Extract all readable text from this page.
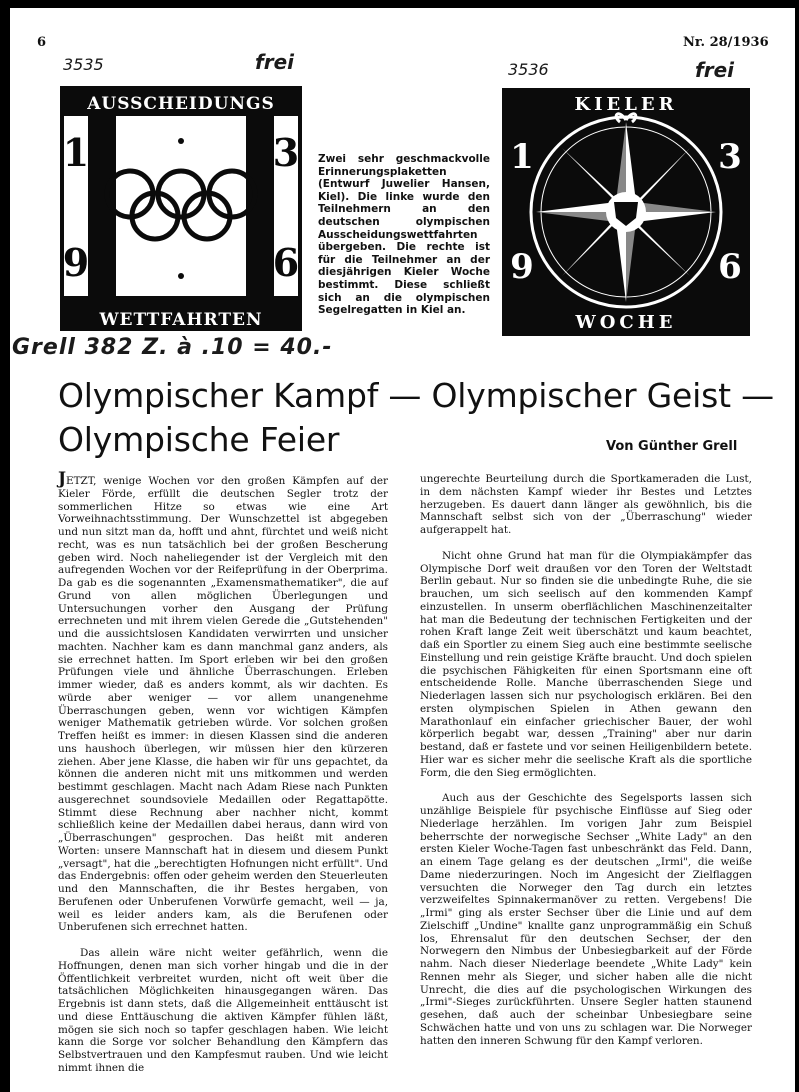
6	Nr. 28/1936
3535	frei	3536	frei
Grell 382 Z. à .10 = 40.-
AUSSCHEIDUNGS
WETTFAHRTEN
1	3
9	6

Zwei sehr geschmackvolle Erinnerungsplaketten (Entwurf Juwelier Hansen, Kiel). Die linke wurde den Teilnehmern an den deutschen olympischen Ausscheidungswettfahrten übergeben. Die rechte ist für die Teilnehmer an der diesjährigen Kieler Woche bestimmt. Diese schließt sich an die olympischen Segelregatten in Kiel an.

KIELER
WOCHE
1	3
9	6
Olympischer Kampf — Olympischer Geist —
Olympische Feier	Von Günther Grell

JETZT, wenige Wochen vor den großen Kämpfen auf der Kieler Förde, erfüllt die deutschen Segler trotz der sommerlichen Hitze so etwas wie eine Art Vorweihnachtsstimmung. Der Wunschzettel ist abgegeben und nun sitzt man da, hofft und ahnt, fürchtet und weiß nicht recht, was es nun tatsächlich bei der großen Bescherung geben wird. Noch naheliegender ist der Vergleich mit den aufregenden Wochen vor der Reifeprüfung in der Oberprima. Da gab es die sogenannten „Examensmathematiker", die auf Grund von allen möglichen Überlegungen und Untersuchungen vorher den Ausgang der Prüfung errechneten und mit ihrem vielen Gerede die „Gutstehenden" und die aussichtslosen Kandidaten verwirrten und unsicher machten. Nachher kam es dann manchmal ganz anders, als sie errechnet hatten. Im Sport erleben wir bei den großen Prüfungen viele und ähnliche Überraschungen. Erleben immer wieder, daß es anders kommt, als wir dachten. Es würde aber weniger — vor allem unangenehme Überraschungen geben, wenn vor wichtigen Kämpfen weniger Mathematik getrieben würde. Vor solchen großen Treffen heißt es immer: in diesen Klassen sind die anderen uns haushoch überlegen, wir müssen hier den kürzeren ziehen. Aber jene Klasse, die haben wir für uns gepachtet, da können die anderen nicht mit uns mitkommen und werden bestimmt geschlagen. Macht nach Adam Riese nach Punkten ausgerechnet soundsoviele Medaillen oder Regattapötte. Stimmt diese Rechnung aber nachher nicht, kommt schließlich keine der Medaillen dabei heraus, dann wird von „Überraschungen" gesprochen. Das heißt mit anderen Worten: unsere Mannschaft hat in diesem und diesem Punkt „versagt", hat die „berechtigten Hofnungen nicht erfüllt". Und das Endergebnis: offen oder geheim werden den Steuerleuten und den Mannschaften, die ihr Bestes hergaben, von Berufenen oder Unberufenen Vorwürfe gemacht, weil — ja, weil es leider anders kam, als die Berufenen oder Unberufenen sich errechnet hatten.

Das allein wäre nicht weiter gefährlich, wenn die Hoffnungen, denen man sich vorher hingab und die in der Öffentlichkeit verbreitet wurden, nicht oft weit über die tatsächlichen Möglichkeiten hinausgegangen wären. Das Ergebnis ist dann stets, daß die Allgemeinheit enttäuscht ist und diese Enttäuschung die aktiven Kämpfer fühlen läßt, mögen sie sich noch so tapfer geschlagen haben. Wie leicht kann die Sorge vor solcher Behandlung den Kämpfern das Selbstvertrauen und den Kampfesmut rauben. Und wie leicht nimmt ihnen die

ungerechte Beurteilung durch die Sportkameraden die Lust, in dem nächsten Kampf wieder ihr Bestes und Letztes herzugeben. Es dauert dann länger als gewöhnlich, bis die Mannschaft selbst sich von der „Überraschung" wieder aufgerappelt hat.

Nicht ohne Grund hat man für die Olympiakämpfer das Olympische Dorf weit draußen vor den Toren der Weltstadt Berlin gebaut. Nur so finden sie die unbedingte Ruhe, die sie brauchen, um sich seelisch auf den kommenden Kampf einzustellen. In unserm oberflächlichen Maschinenzeitalter hat man die Bedeutung der technischen Fertigkeiten und der rohen Kraft lange Zeit weit überschätzt und kaum beachtet, daß ein Sportler zu einem Sieg auch eine bestimmte seelische Einstellung und rein geistige Kräfte braucht. Und doch spielen die psychischen Fähigkeiten für einen Sportsmann eine oft entscheidende Rolle. Manche überraschenden Siege und Niederlagen lassen sich nur psychologisch erklären. Bei den ersten olympischen Spielen in Athen gewann den Marathonlauf ein einfacher griechischer Bauer, der wohl körperlich begabt war, dessen „Training" aber nur darin bestand, daß er fastete und vor seinen Heiligenbildern betete. Hier war es sicher mehr die seelische Kraft als die sportliche Form, die den Sieg ermöglichten.

Auch aus der Geschichte des Segelsports lassen sich unzählige Beispiele für psychische Einflüsse auf Sieg oder Niederlage herzählen. Im vorigen Jahr zum Beispiel beherrschte der norwegische Sechser „White Lady" an den ersten Kieler Woche-Tagen fast unbeschränkt das Feld. Dann, an einem Tage gelang es der deutschen „Irmi", die weiße Dame niederzuringen. Noch im Angesicht der Zielflaggen versuchten die Norweger den Tag durch ein letztes verzweifeltes Spinnakermanöver zu retten. Vergebens! Die „Irmi" ging als erster Sechser über die Linie und auf dem Zielschiff „Undine" knallte ganz unprogrammäßig ein Schuß los, Ehrensalut für den deutschen Sechser, der den Norwegern den Nimbus der Unbesiegbarkeit auf der Förde nahm. Nach dieser Niederlage beendete „White Lady" kein Rennen mehr als Sieger, und sicher haben alle die nicht Unrecht, die dies auf die psychologischen Wirkungen des „Irmi"-Sieges zurückführten. Unsere Segler hatten staunend gesehen, daß auch der scheinbar Unbesiegbare seine Schwächen hatte und von uns zu schlagen war. Die Norweger hatten den inneren Schwung für den Kampf verloren.
